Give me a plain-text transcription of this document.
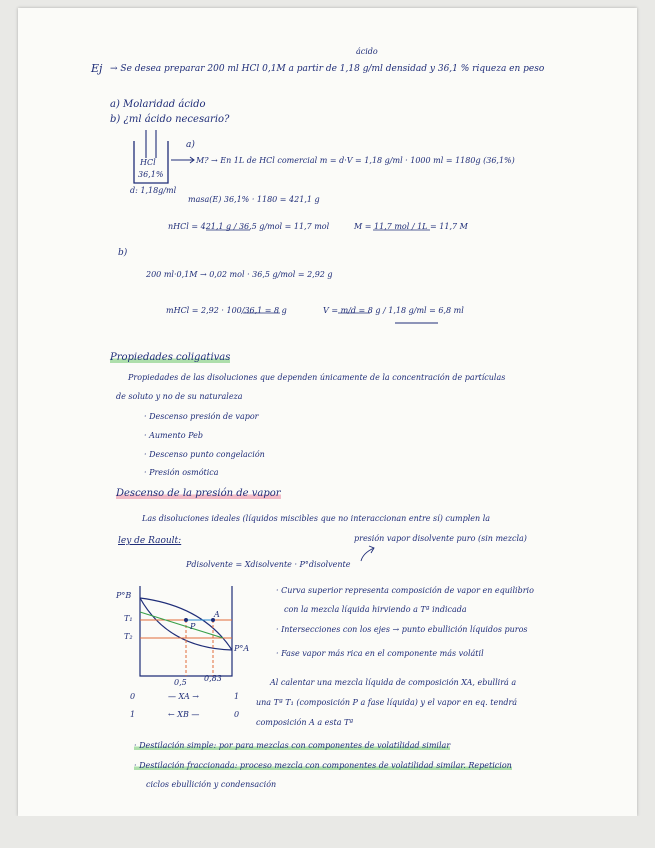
ácido
Ej → Se desea preparar 200 ml HCl 0,1M a partir de 1,18 g/ml densidad y 36,1 % riqueza en peso
a) Molaridad ácido
b) ¿ml ácido necesario?
HCl
36,1%
d: 1,18g/ml
a)
M? → En 1L de HCl comercial m = d·V = 1,18 g/ml · 1000 ml = 1180g (36,1%)
masa(E) 36,1% · 1180 = 421,1 g
nHCl = 421,1 g / 36,5 g/mol = 11,7 mol	M = 11,7 mol / 1L = 11,7 M
b)
200 ml·0,1M → 0,02 mol · 36,5 g/mol = 2,92 g
mHCl = 2,92 · 100/36,1 = 8 g	V = m/d = 8 g / 1,18 g/ml = 6,8 ml
Propiedades coligativas
Propiedades de las disoluciones que dependen únicamente de la concentración de partículas
de soluto y no de su naturaleza
· Descenso presión de vapor
· Aumento Peb
· Descenso punto congelación
· Presión osmótica
Descenso de la presión de vapor
Las disoluciones ideales (líquidos miscibles que no interaccionan entre sí) cumplen la
ley de Raoult:	presión vapor disolvente puro (sin mezcla)
Pdisolvente = Xdisolvente · P°disolvente
P°B
T₁
T₂
P°A
A
P
0,5 0,83
0	— XA →	1
1	← XB —	0
· Curva superior representa composición de vapor en equilibrio
con la mezcla líquida hirviendo a Tª indicada
· Intersecciones con los ejes → punto ebullición líquidos puros
· Fase vapor más rica en el componente más volátil
Al calentar una mezcla líquida de composición XA, ebullirá a
una Tª T₁ (composición P a fase líquida) y el vapor en eq. tendrá
composición A a esta Tª
· Destilación simple: por para mezclas con componentes de volatilidad similar
· Destilación fraccionada: proceso mezcla con componentes de volatilidad similar. Repeticion
ciclos ebullición y condensación
